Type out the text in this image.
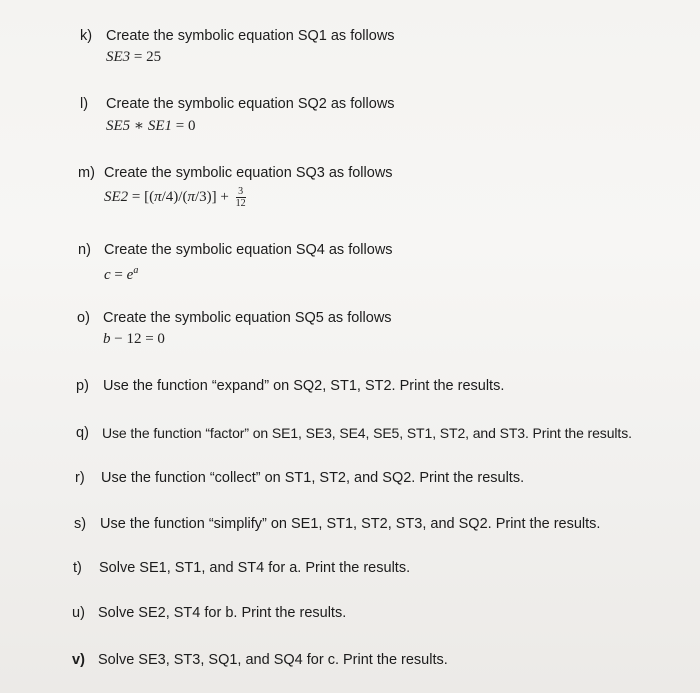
k) Create the symbolic equation SQ1 as follows
SE3 = 25
l) Create the symbolic equation SQ2 as follows
SE5 ∗ SE1 = 0
m) Create the symbolic equation SQ3 as follows
$SE2 = [(\pi/4)/(\pi/3)] + \frac{3}{12}$
n) Create the symbolic equation SQ4 as follows
$c = e^a$
o) Create the symbolic equation SQ5 as follows
b − 12 = 0
p) Use the function “expand” on SQ2, ST1, ST2. Print the results.
q) Use the function “factor” on SE1, SE3, SE4, SE5, ST1, ST2, and ST3. Print the results.
r) Use the function “collect” on ST1, ST2, and SQ2. Print the results.
s) Use the function “simplify” on SE1, ST1, ST2, ST3, and SQ2. Print the results.
t) Solve SE1, ST1, and ST4 for a. Print the results.
u) Solve SE2, ST4 for b. Print the results.
v) Solve SE3, ST3, SQ1, and SQ4 for c. Print the results.
